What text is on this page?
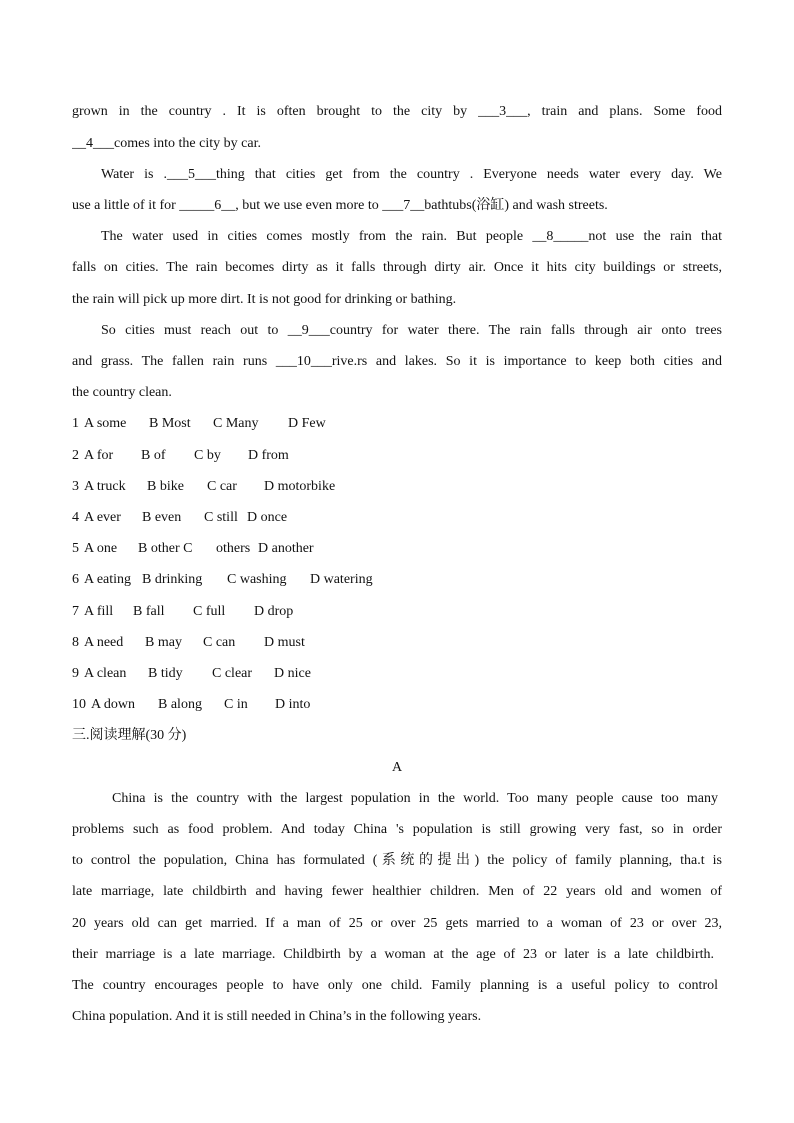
grown in the country . It is often brought to the city by ___3___, train and plans. Some food
__4___comes into the city by car.
Water is .___5___thing that cities get from the country . Everyone needs water every day. We
use a little of it for _____6__, but we use even more to ___7__bathtubs(浴缸) and wash streets.
The water used in cities comes mostly from the rain. But people __8_____not use the rain that
falls on cities. The rain becomes dirty as it falls through dirty air. Once it hits city buildings or streets,
the rain will pick up more dirt. It is not good for drinking or bathing.
So cities must reach out to __9___country for water there. The rain falls through air onto trees
and grass. The fallen rain runs ___10___rive.rs and lakes. So it is importance to keep both cities and
the country clean.
1 A some B Most C Many D Few
2 A for B of C by D from
3 A truck B bike C car D motorbike
4 A ever B even C still D once
5 A one B other C others D another
6 A eating B drinking C washing D watering
7 A fill B fall C full D drop
8 A need B may C can D must
9 A clean B tidy C clear D nice
10 A down B along C in D into
三.阅读理解(30 分)
A
China is the country with the largest population in the world. Too many people cause too many
problems such as food problem. And today China 's population is still growing very fast, so in order
to control the population, China has formulated (系统的提出) the policy of family planning, tha.t is
late marriage, late childbirth and having fewer healthier children. Men of 22 years old and women of
20 years old can get married. If a man of 25 or over 25 gets married to a woman of 23 or over 23,
their marriage is a late marriage. Childbirth by a woman at the age of 23 or later is a late childbirth.
The country encourages people to have only one child. Family planning is a useful policy to control
China population. And it is still needed in China’s in the following years.
